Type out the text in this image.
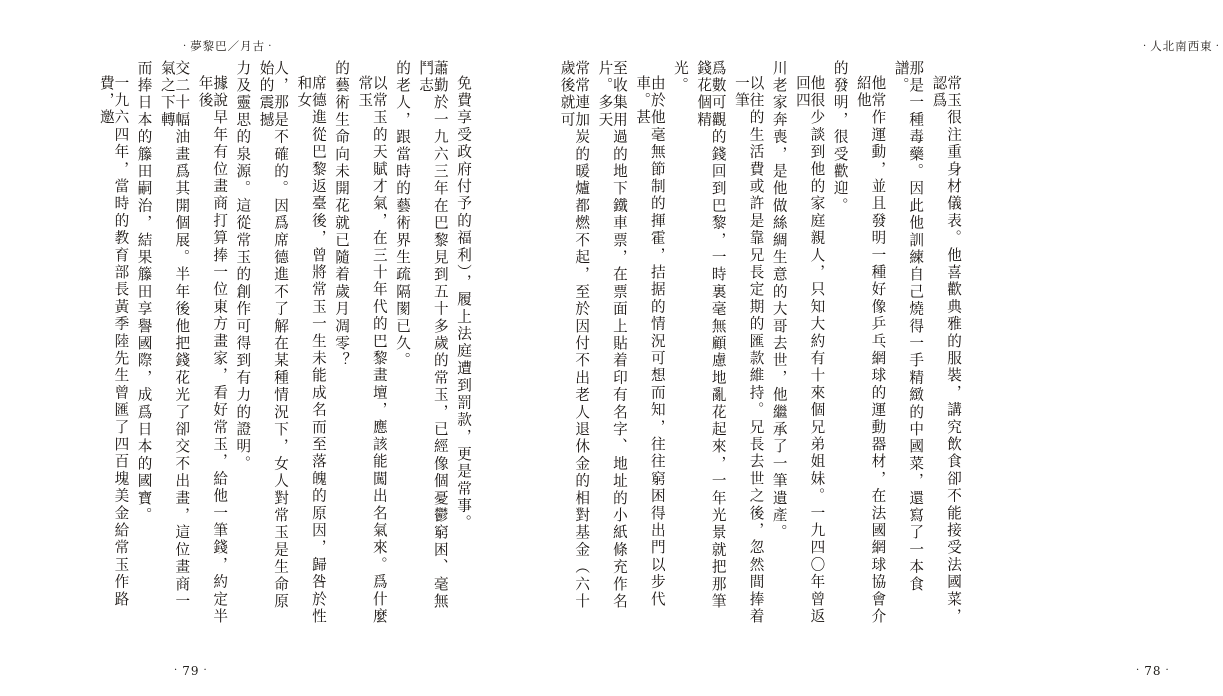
· 夢黎巴／月古 ·
免費享受政府付予的福利），履上法庭遭到罰款，更是常事。
蕭勤於一九六三年在巴黎見到五十多歲的常玉，已經像個憂鬱窮困、毫無鬥志
的老人，跟當時的藝術界生疏隔閡已久。
以常玉的天賦才氣，在三十年代的巴黎畫壇，應該能闖出名氣來。爲什麼常玉
的藝術生命向未開花就已隨着歲月凋零？
席德進從巴黎返臺後，曾將常玉一生未能成名而至落魄的原因，歸咎於性和女
人，那是不確的。因爲席德進不了解在某種情況下，女人對常玉是生命原始的震撼
力及靈思的泉源。這從常玉的創作可得到有力的證明。
據說早年有位畫商打算捧一位東方畫家，看好常玉，給他一筆錢，約定半年後
交二十幅油畫爲其開個展。半年後他把錢花光了卻交不出畫，這位畫商一氣之下轉
而捧日本的籐田嗣治，結果籐田享譽國際，成爲日本的國寶。
一九六四年，當時的教育部長黃季陸先生曾匯了四百塊美金給常玉作路費，邀
· 79 ·
· 人北南西東 ·
常玉很注重身材儀表。他喜歡典雅的服裝，講究飲食卻不能接受法國菜，認爲
那是一種毒藥。因此他訓練自己燒得一手精緻的中國菜，還寫了一本食譜。
他常作運動，並且發明一種好像乒乓網球的運動器材，在法國網球協會介紹他
的發明，很受歡迎。
他很少談到他的家庭親人，只知大約有十來個兄弟姐妹。一九四〇年曾返回四
川老家奔喪，是他做絲綢生意的大哥去世，他繼承了一筆遺產。
以往的生活費或許是靠兄長定期的匯款維持。兄長去世之後，忽然間捧着一筆
爲數可觀的錢回到巴黎，一時裏毫無顧慮地亂花起來，一年光景就把那筆錢花個精
光。
由於他毫無節制的揮霍，拮据的情況可想而知，往往窮困得出門以步代車。甚
至收集用過的地下鐵車票，在票面上貼着印有名字、地址的小紙條充作名片。多天
常常連加炭的暖爐都燃不起，至於因付不出老人退休金的相對基金（六十歲後就可
· 78 ·
